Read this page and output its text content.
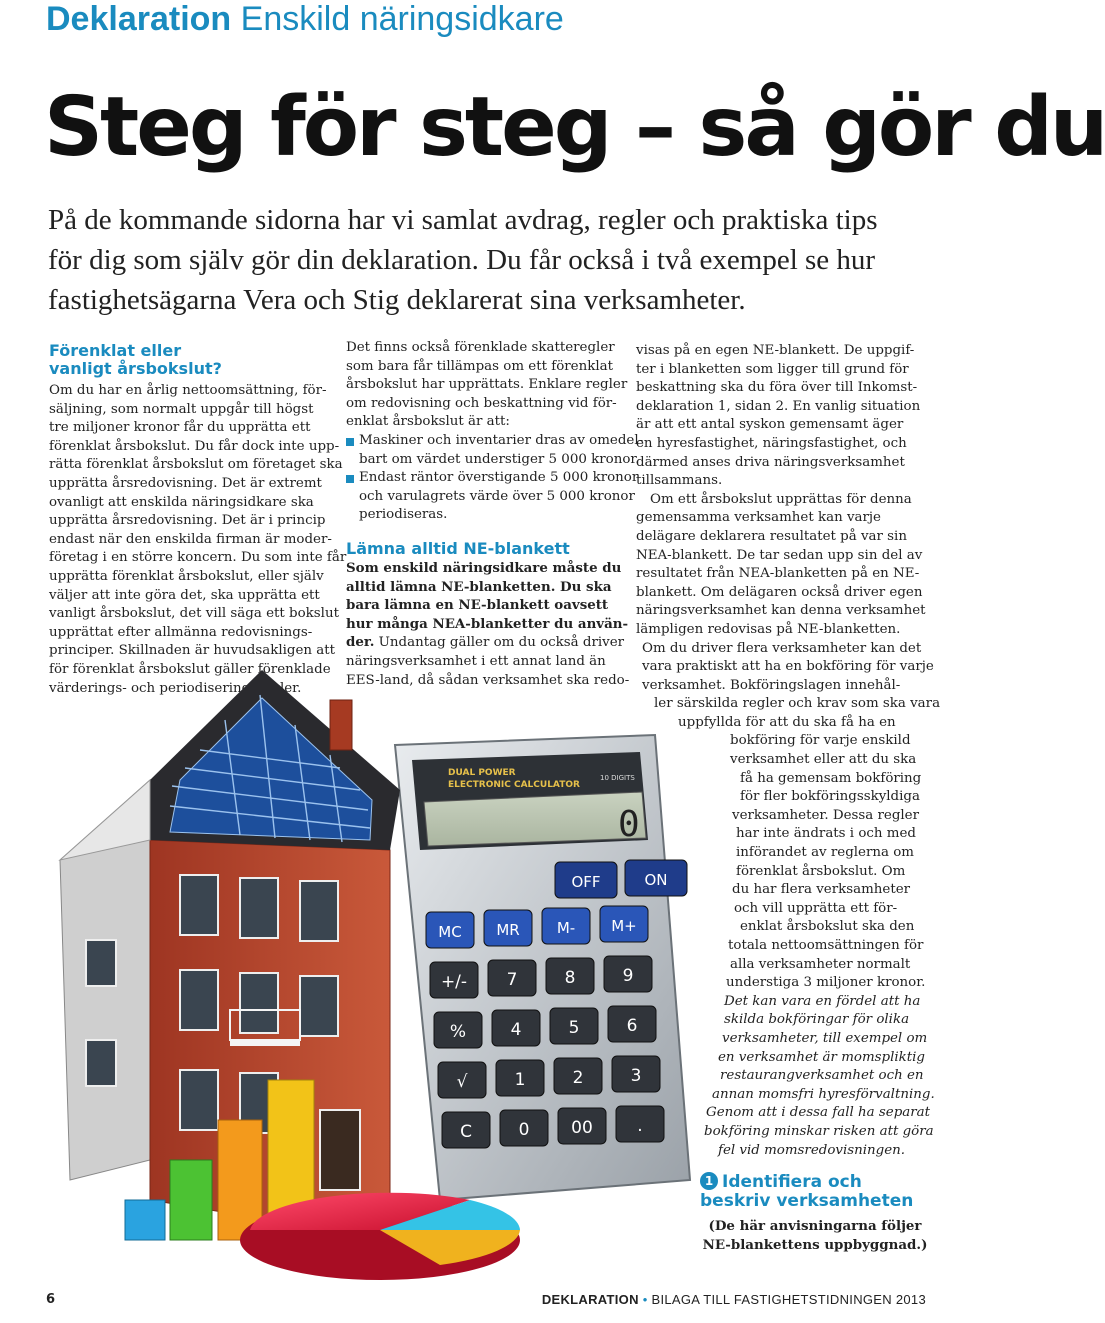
Deklaration Enskild näringsidkare
Steg för steg – så gör du
På de kommande sidorna har vi samlat avdrag, regler och praktiska tips
för dig som själv gör din deklaration. Du får också i två exempel se hur
fastighetsägarna Vera och Stig deklarerat sina verksamheter.
Förenklat eller
vanligt årsbokslut?
Om du har en årlig nettoomsättning, för-
säljning, som normalt uppgår till högst
tre miljoner kronor får du upprätta ett
förenklat årsbokslut. Du får dock inte upp-
rätta förenklat årsbokslut om företaget ska
upprätta årsredovisning. Det är extremt
ovanligt att enskilda näringsidkare ska
upprätta årsredovisning. Det är i princip
endast när den enskilda firman är moder-
företag i en större koncern. Du som inte får
upprätta förenklat årsbokslut, eller själv
väljer att inte göra det, ska upprätta ett
vanligt årsbokslut, det vill säga ett bokslut
upprättat efter allmänna redovisnings-
principer. Skillnaden är huvudsakligen att
för förenklat årsbokslut gäller förenklade
värderings- och periodiseringsregler.
Det finns också förenklade skatteregler
som bara får tillämpas om ett förenklat
årsbokslut har upprättats. Enklare regler
om redovisning och beskattning vid för-
enklat årsbokslut är att:
Maskiner och inventarier dras av omedel-
bart om värdet understiger 5 000 kronor.
Endast räntor överstigande 5 000 kronor
och varulagrets värde över 5 000 kronor
periodiseras.
Lämna alltid NE-blankett
Som enskild näringsidkare måste du
alltid lämna NE-blanketten. Du ska
bara lämna en NE-blankett oavsett
hur många NEA-blanketter du använ-
der. Undantag gäller om du också driver
näringsverksamhet i ett annat land än
EES-land, då sådan verksamhet ska redo-
visas på en egen NE-blankett. De uppgif-
ter i blanketten som ligger till grund för
beskattning ska du föra över till Inkomst-
deklaration 1, sidan 2. En vanlig situation
är att ett antal syskon gemensamt äger
en hyresfastighet, näringsfastighet, och
därmed anses driva näringsverksamhet
tillsammans.
Om ett årsbokslut upprättas för denna
gemensamma verksamhet kan varje
delägare deklarera resultatet på var sin
NEA-blankett. De tar sedan upp sin del av
resultatet från NEA-blanketten på en NE-
blankett. Om delägaren också driver egen
näringsverksamhet kan denna verksamhet
lämpligen redovisas på NE-blanketten.
Om du driver flera verksamheter kan det
vara praktiskt att ha en bokföring för varje
verksamhet. Bokföringslagen innehål-
ler särskilda regler och krav som ska vara
uppfyllda för att du ska få ha en
bokföring för varje enskild
verksamhet eller att du ska
få ha gemensam bokföring
för fler bokföringsskyldiga
verksamheter. Dessa regler
har inte ändrats i och med
införandet av reglerna om
förenklat årsbokslut. Om
du har flera verksamheter
och vill upprätta ett för-
enklat årsbokslut ska den
totala nettoomsättningen för
alla verksamheter normalt
understiga 3 miljoner kronor.
Det kan vara en fördel att ha
skilda bokföringar för olika
verksamheter, till exempel om
en verksamhet är momspliktig
restaurangverksamhet och en
annan momsfri hyresförvaltning.
Genom att i dessa fall ha separat
bokföring minskar risken att göra
fel vid momsredovisningen.
DUAL POWER
ELECTRONIC CALCULATOR
10 DIGITS
0
OFF	ON
MC MR M- M+
+/- 7	8	9
%	4	5	6
√	1	2	3
C	0 00	.
1 Identifiera och
beskriv verksamheten
(De här anvisningarna följer
NE-blankettens uppbyggnad.)
6	DEKLARATION • BILAGA TILL FASTIGHETSTIDNINGEN 2013
